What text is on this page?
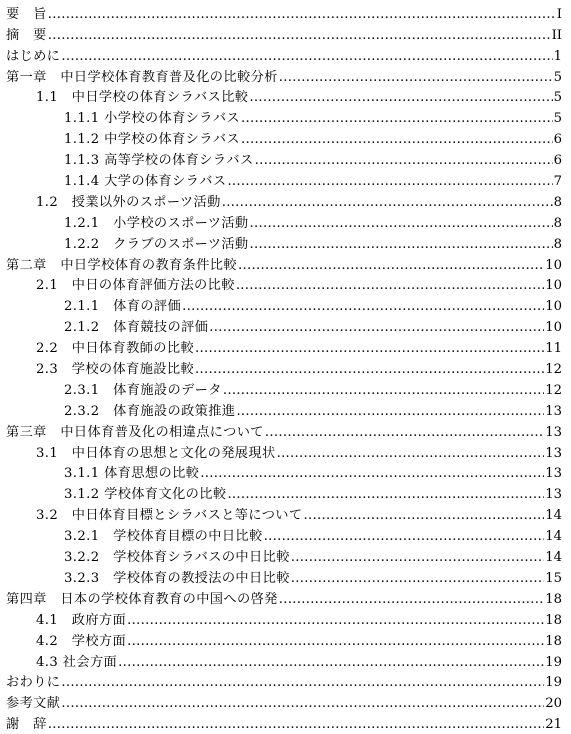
要　旨 .....	I
摘　要 .....	II
はじめに .....	1
第一章　中日学校体育教育普及化の比較分析 .....	5
1.1　中日学校の体育シラバス比較 .....	5
1.1.1 小学校の体育シラバス .....	5
1.1.2 中学校の体育シラバス .....	6
1.1.3 高等学校の体育シラバス .....	6
1.1.4 大学の体育シラバス .....	7
1.2　授業以外のスポーツ活動 .....	8
1.2.1　小学校のスポーツ活動 .....	8
1.2.2　クラブのスポーツ活動 .....	8
第二章　中日学校体育の教育条件比較 .....	10
2.1　中日の体育評価方法の比較 .....	10
2.1.1　体育の評価 .....	10
2.1.2　体育競技の評価 .....	10
2.2　中日体育教師の比較 .....	11
2.3　学校の体育施設比較 .....	12
2.3.1　体育施設のデータ .....	12
2.3.2　体育施設の政策推進 .....	13
第三章　中日体育普及化の相違点について .....	13
3.1　中日体育の思想と文化の発展現状 .....	13
3.1.1 体育思想の比較 .....	13
3.1.2 学校体育文化の比較 .....	13
3.2　中日体育目標とシラバスと等について .....	14
3.2.1　学校体育目標の中日比較 .....	14
3.2.2　学校体育シラバスの中日比較 .....	14
3.2.3　学校体育の教授法の中日比較 .....	15
第四章　日本の学校体育教育の中国への啓発 .....	18
4.1　政府方面 .....	18
4.2　学校方面 .....	18
4.3 社会方面 .....	19
おわりに .....	19
参考文献 .....	20
謝　辞 .....	21
